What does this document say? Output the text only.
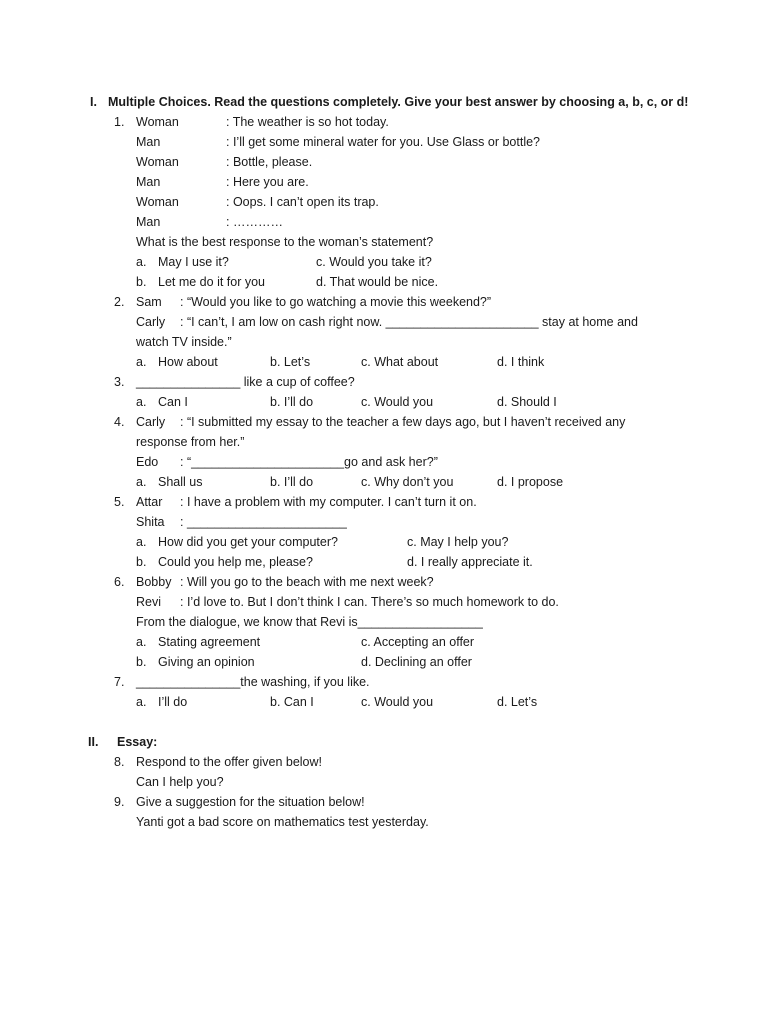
I. Multiple Choices. Read the questions completely. Give your best answer by choosing a, b, c, or d!
1. Woman	: The weather is so hot today.
Man	: I’ll get some mineral water for you. Use Glass or bottle?
Woman	: Bottle, please.
Man	: Here you are.
Woman	: Oops. I can’t open its trap.
Man	: …………
What is the best response to the woman’s statement?
a. May I use it?	c. Would you take it?
b. Let me do it for you	d. That would be nice.
2. Sam : “Would you like to go watching a movie this weekend?”
Carly : “I can’t, I am low on cash right now. ______________________ stay at home and
watch TV inside.”
a. How about	b. Let’s	c. What about	d. I think
3. _______________ like a cup of coffee?
a. Can I	b. I’ll do	c. Would you	d. Should I
4. Carly : “I submitted my essay to the teacher a few days ago, but I haven’t received any
response from her.”
Edo : “______________________go and ask her?”
a. Shall us	b. I’ll do	c. Why don’t you	d. I propose
5. Attar : I have a problem with my computer. I can’t turn it on.
Shita : _______________________
a. How did you get your computer?	c. May I help you?
b. Could you help me, please?	d. I really appreciate it.
6. Bobby : Will you go to the beach with me next week?
Revi : I’d love to. But I don’t think I can. There’s so much homework to do.
From the dialogue, we know that Revi is__________________
a. Stating agreement	c. Accepting an offer
b. Giving an opinion	d. Declining an offer
7. _______________the washing, if you like.
a. I’ll do	b. Can I	c. Would you	d. Let’s
II. Essay:
8. Respond to the offer given below!
Can I help you?
9. Give a suggestion for the situation below!
Yanti got a bad score on mathematics test yesterday.
